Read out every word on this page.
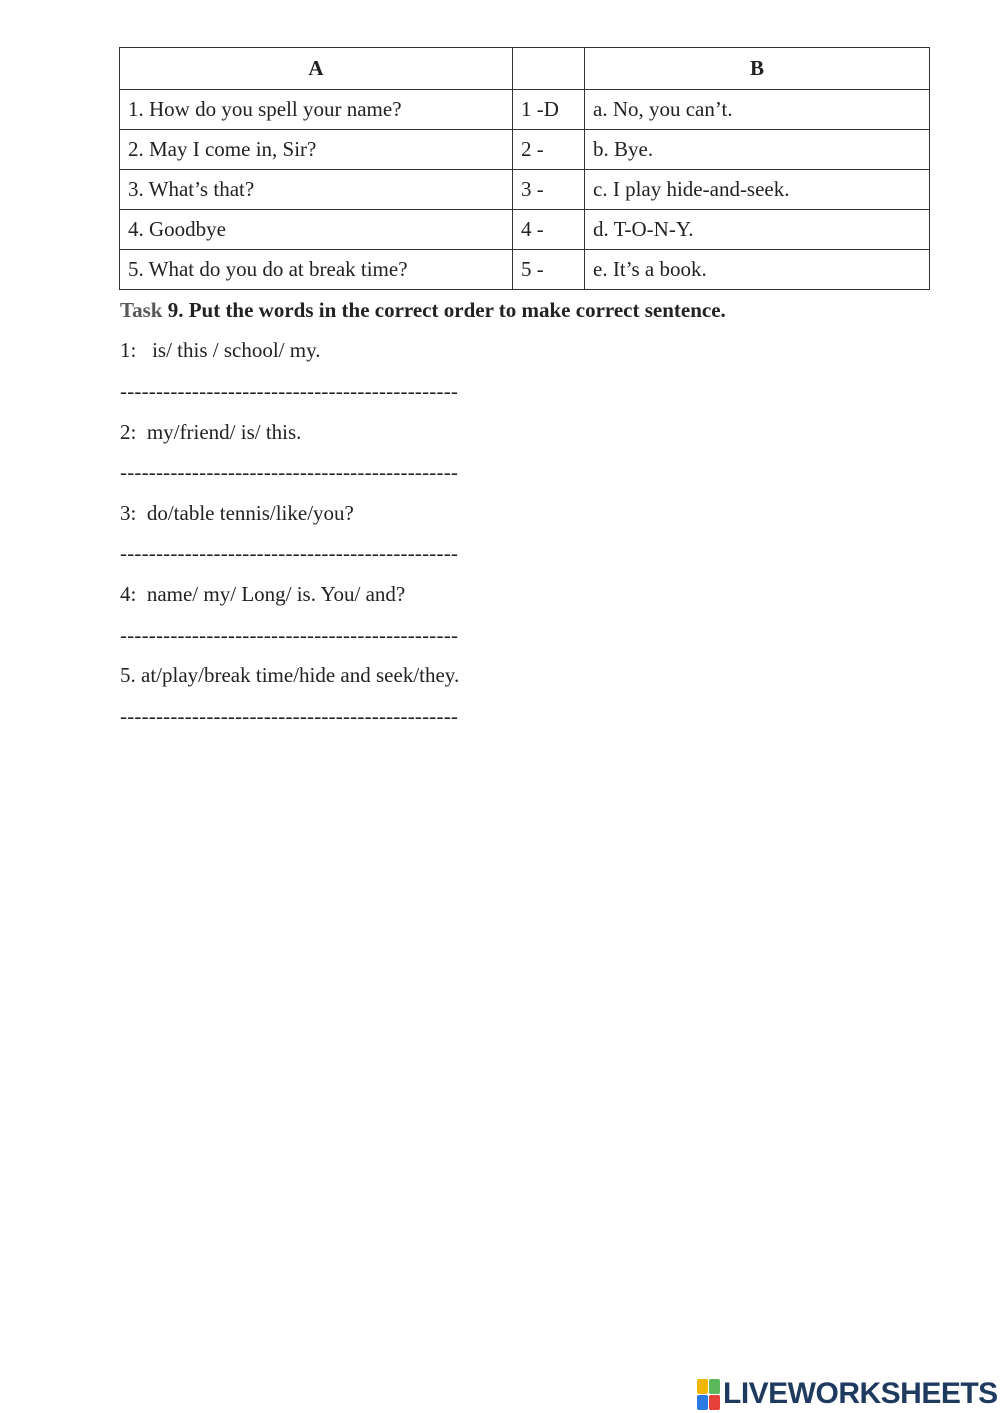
A		B
1. How do you spell your name?	1 -D	a. No, you can’t.
2. May I come in, Sir?	2 -	b. Bye.
3. What’s that?	3 -	c. I play hide-and-seek.
4. Goodbye	4 -	d. T-O-N-Y.
5. What do you do at break time?	5 -	e. It’s a book.
Task 9. Put the words in the correct order to make correct sentence.
1:   is/ this / school/ my.
-----------------------------------------------
2:  my/friend/ is/ this.
-----------------------------------------------
3:  do/table tennis/like/you?
-----------------------------------------------
4:  name/ my/ Long/ is. You/ and?
-----------------------------------------------
5. at/play/break time/hide and seek/they.
-----------------------------------------------
LIVEWORKSHEETS
